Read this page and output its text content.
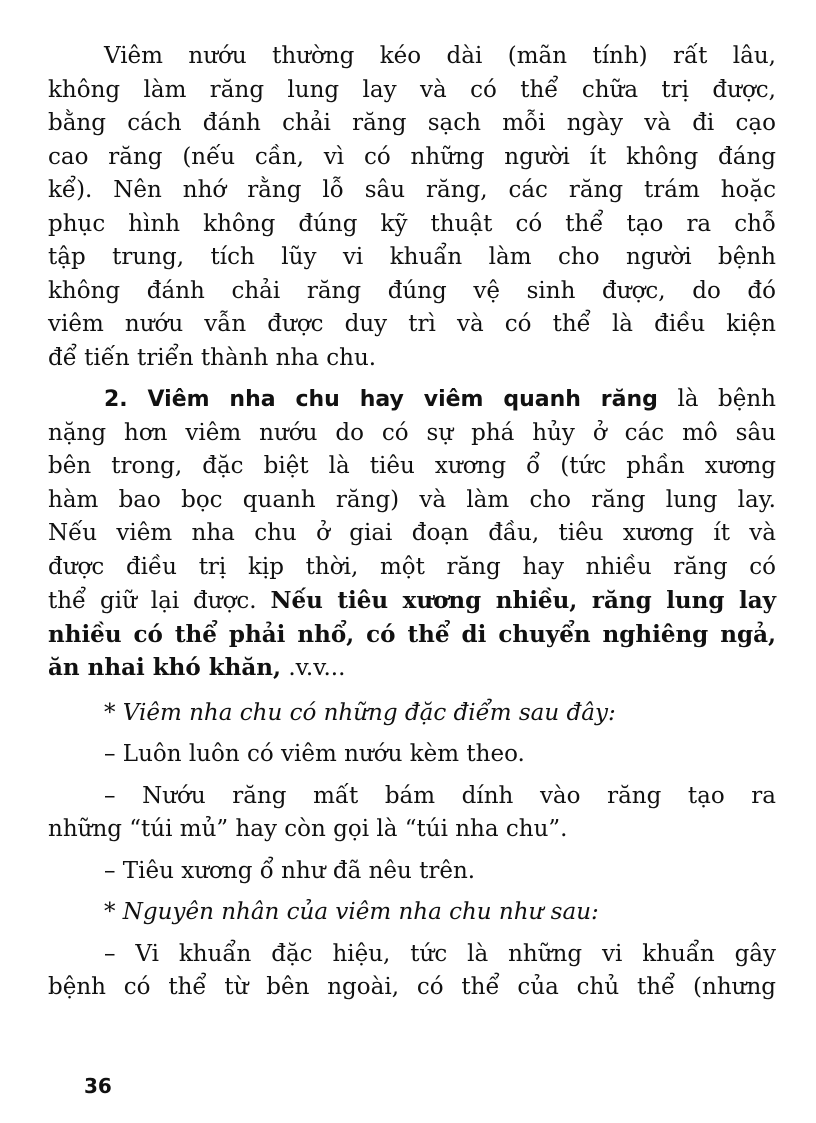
Viêm nướu thường kéo dài (mãn tính) rất lâu,
không làm răng lung lay và có thể chữa trị được,
bằng cách đánh chải răng sạch mỗi ngày và đi cạo
cao răng (nếu cần, vì có những người ít không đáng
kể). Nên nhớ rằng lỗ sâu răng, các răng trám hoặc
phục hình không đúng kỹ thuật có thể tạo ra chỗ
tập trung, tích lũy vi khuẩn làm cho người bệnh
không đánh chải răng đúng vệ sinh được, do đó
viêm nướu vẫn được duy trì và có thể là điều kiện
để tiến triển thành nha chu.
2. Viêm nha chu hay viêm quanh răng là bệnh
nặng hơn viêm nướu do có sự phá hủy ở các mô sâu
bên trong, đặc biệt là tiêu xương ổ (tức phần xương
hàm bao bọc quanh răng) và làm cho răng lung lay.
Nếu viêm nha chu ở giai đoạn đầu, tiêu xương ít và
được điều trị kịp thời, một răng hay nhiều răng có
thể giữ lại được. Nếu tiêu xương nhiều, răng lung lay
nhiều có thể phải nhổ, có thể di chuyển nghiêng ngả,
ăn nhai khó khăn, .v.v...
* Viêm nha chu có những đặc điểm sau đây:
– Luôn luôn có viêm nướu kèm theo.
– Nướu răng mất bám dính vào răng tạo ra
những “túi mủ” hay còn gọi là “túi nha chu”.
– Tiêu xương ổ như đã nêu trên.
* Nguyên nhân của viêm nha chu như sau:
– Vi khuẩn đặc hiệu, tức là những vi khuẩn gây
bệnh có thể từ bên ngoài, có thể của chủ thể (nhưng
36
